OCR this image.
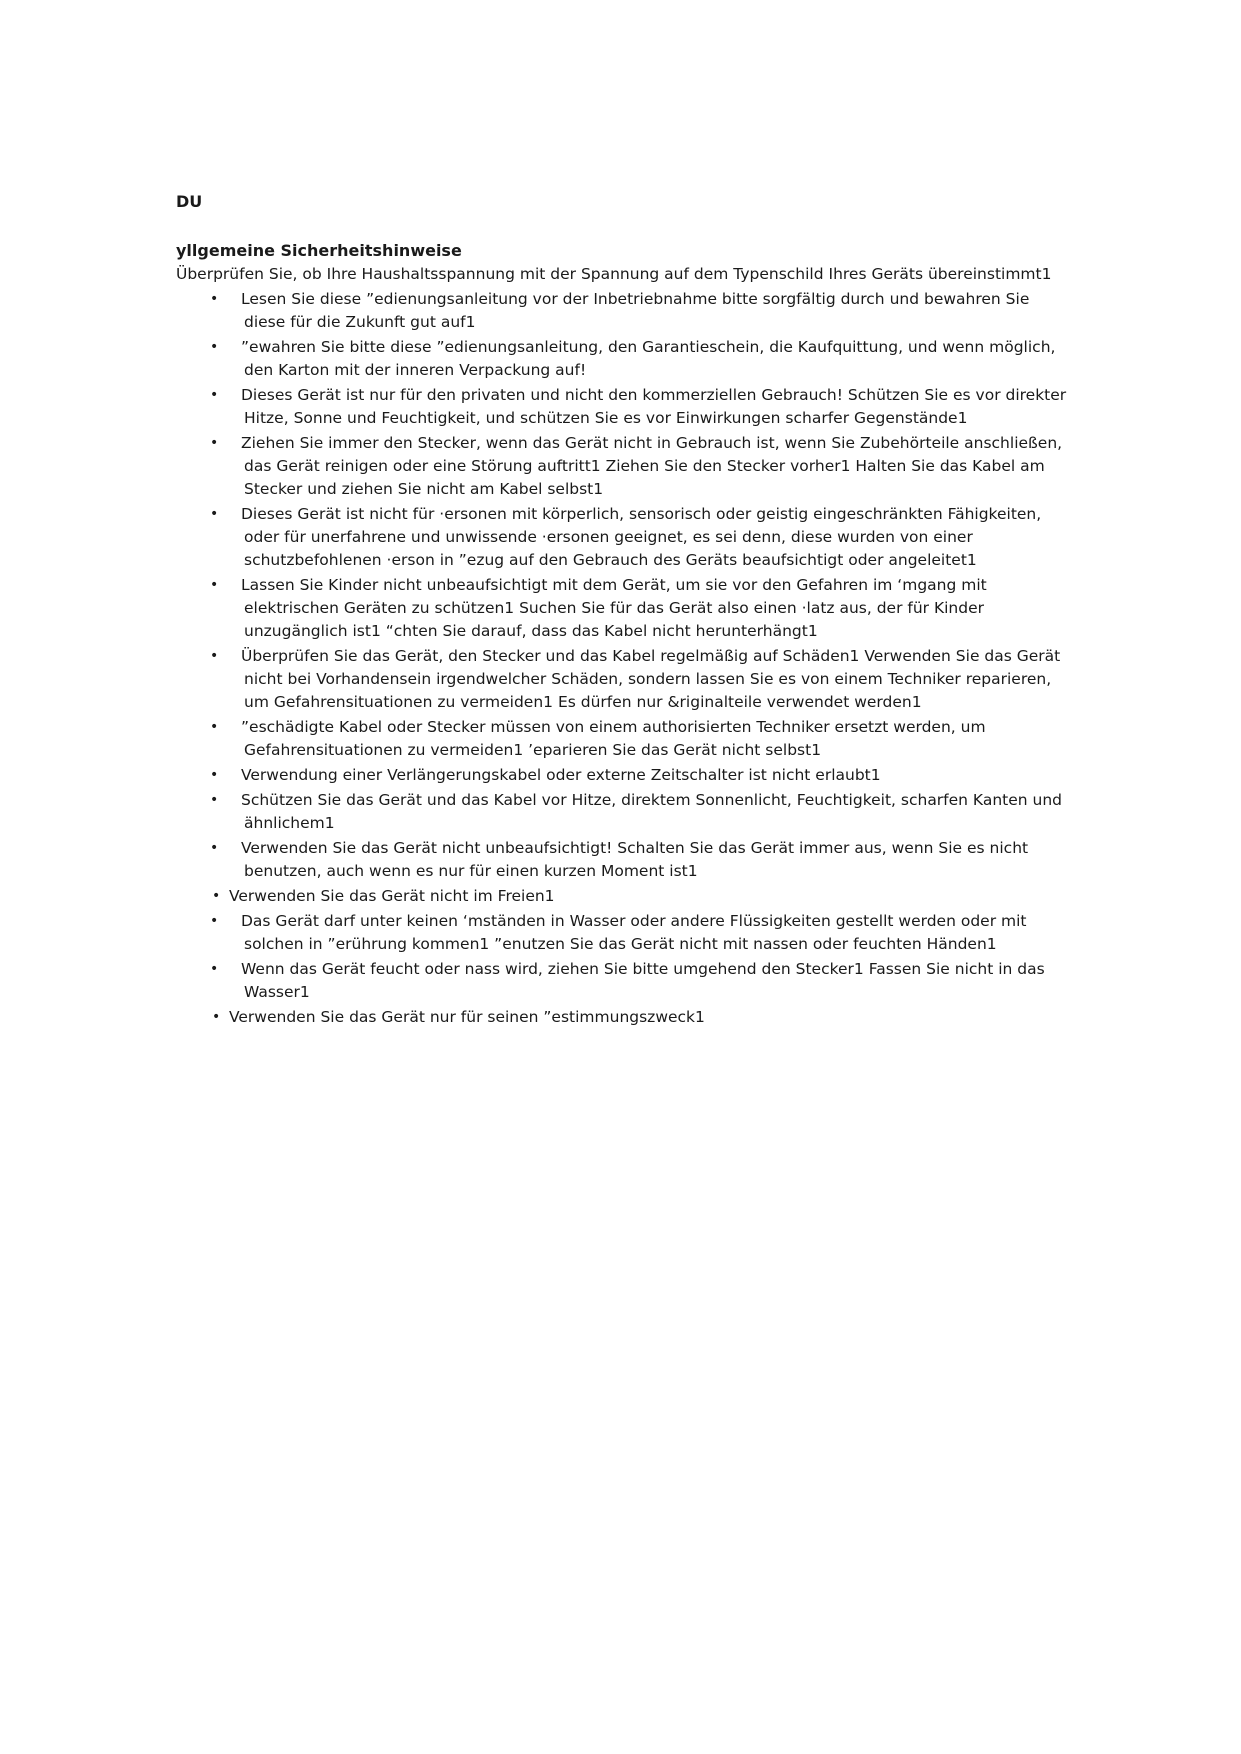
DU
yllgemeine Sicherheitshinweise
Überprüfen Sie, ob Ihre Haushaltsspannung mit der Spannung auf dem Typenschild Ihres Geräts übereinstimmt1
• Lesen Sie diese ”edienungsanleitung vor der Inbetriebnahme bitte sorgfältig durch und bewahren Sie diese für die Zukunft gut auf1
• ”ewahren Sie bitte diese ”edienungsanleitung, den Garantieschein, die Kaufquittung, und wenn möglich, den Karton mit der inneren Verpackung auf!
• Dieses Gerät ist nur für den privaten und nicht den kommerziellen Gebrauch! Schützen Sie es vor direkter Hitze, Sonne und Feuchtigkeit, und schützen Sie es vor Einwirkungen scharfer Gegenstände1
• Ziehen Sie immer den Stecker, wenn das Gerät nicht in Gebrauch ist, wenn Sie Zubehörteile anschließen, das Gerät reinigen oder eine Störung auftritt1 Ziehen Sie den Stecker vorher1 Halten Sie das Kabel am Stecker und ziehen Sie nicht am Kabel selbst1
• Dieses Gerät ist nicht für ·ersonen mit körperlich, sensorisch oder geistig eingeschränkten Fähigkeiten, oder für unerfahrene und unwissende ·ersonen geeignet, es sei denn, diese wurden von einer schutzbefohlenen ·erson in ”ezug auf den Gebrauch des Geräts beaufsichtigt oder angeleitet1
• Lassen Sie Kinder nicht unbeaufsichtigt mit dem Gerät, um sie vor den Gefahren im ‘mgang mit elektrischen Geräten zu schützen1 Suchen Sie für das Gerät also einen ·latz aus, der für Kinder unzugänglich ist1 “chten Sie darauf, dass das Kabel nicht herunterhängt1
• Überprüfen Sie das Gerät, den Stecker und das Kabel regelmäßig auf Schäden1 Verwenden Sie das Gerät nicht bei Vorhandensein irgendwelcher Schäden, sondern lassen Sie es von einem Techniker reparieren, um Gefahrensituationen zu vermeiden1 Es dürfen nur &riginalteile verwendet werden1
• ”eschädigte Kabel oder Stecker müssen von einem authorisierten Techniker ersetzt werden, um Gefahrensituationen zu vermeiden1 ’eparieren Sie das Gerät nicht selbst1
• Verwendung einer Verlängerungskabel oder externe Zeitschalter ist nicht erlaubt1
• Schützen Sie das Gerät und das Kabel vor Hitze, direktem Sonnenlicht, Feuchtigkeit, scharfen Kanten und ähnlichem1
• Verwenden Sie das Gerät nicht unbeaufsichtigt! Schalten Sie das Gerät immer aus, wenn Sie es nicht benutzen, auch wenn es nur für einen kurzen Moment ist1
• Verwenden Sie das Gerät nicht im Freien1
• Das Gerät darf unter keinen ‘mständen in Wasser oder andere Flüssigkeiten gestellt werden oder mit solchen in ”erührung kommen1 ”enutzen Sie das Gerät nicht mit nassen oder feuchten Händen1
• Wenn das Gerät feucht oder nass wird, ziehen Sie bitte umgehend den Stecker1 Fassen Sie nicht in das Wasser1
• Verwenden Sie das Gerät nur für seinen ”estimmungszweck1
